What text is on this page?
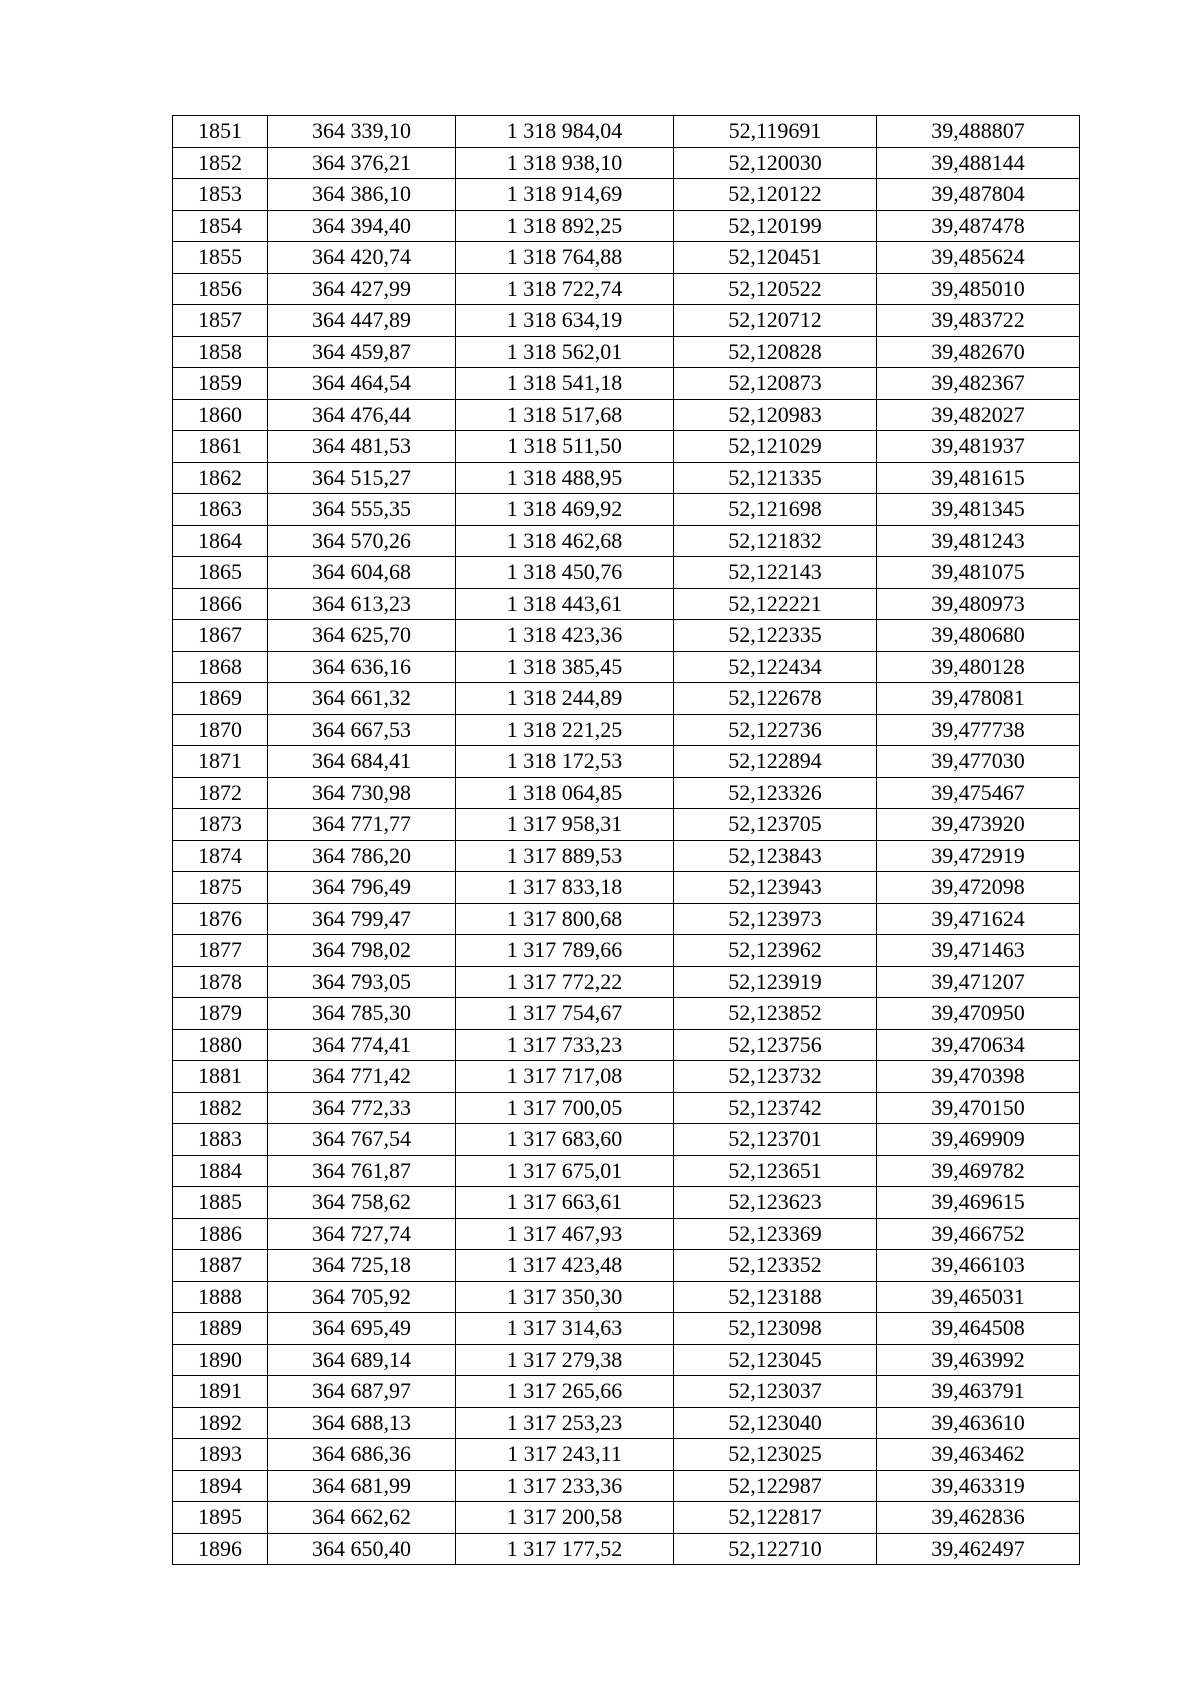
1851	364 339,10	1 318 984,04	52,119691	39,488807
1852	364 376,21	1 318 938,10	52,120030	39,488144
1853	364 386,10	1 318 914,69	52,120122	39,487804
1854	364 394,40	1 318 892,25	52,120199	39,487478
1855	364 420,74	1 318 764,88	52,120451	39,485624
1856	364 427,99	1 318 722,74	52,120522	39,485010
1857	364 447,89	1 318 634,19	52,120712	39,483722
1858	364 459,87	1 318 562,01	52,120828	39,482670
1859	364 464,54	1 318 541,18	52,120873	39,482367
1860	364 476,44	1 318 517,68	52,120983	39,482027
1861	364 481,53	1 318 511,50	52,121029	39,481937
1862	364 515,27	1 318 488,95	52,121335	39,481615
1863	364 555,35	1 318 469,92	52,121698	39,481345
1864	364 570,26	1 318 462,68	52,121832	39,481243
1865	364 604,68	1 318 450,76	52,122143	39,481075
1866	364 613,23	1 318 443,61	52,122221	39,480973
1867	364 625,70	1 318 423,36	52,122335	39,480680
1868	364 636,16	1 318 385,45	52,122434	39,480128
1869	364 661,32	1 318 244,89	52,122678	39,478081
1870	364 667,53	1 318 221,25	52,122736	39,477738
1871	364 684,41	1 318 172,53	52,122894	39,477030
1872	364 730,98	1 318 064,85	52,123326	39,475467
1873	364 771,77	1 317 958,31	52,123705	39,473920
1874	364 786,20	1 317 889,53	52,123843	39,472919
1875	364 796,49	1 317 833,18	52,123943	39,472098
1876	364 799,47	1 317 800,68	52,123973	39,471624
1877	364 798,02	1 317 789,66	52,123962	39,471463
1878	364 793,05	1 317 772,22	52,123919	39,471207
1879	364 785,30	1 317 754,67	52,123852	39,470950
1880	364 774,41	1 317 733,23	52,123756	39,470634
1881	364 771,42	1 317 717,08	52,123732	39,470398
1882	364 772,33	1 317 700,05	52,123742	39,470150
1883	364 767,54	1 317 683,60	52,123701	39,469909
1884	364 761,87	1 317 675,01	52,123651	39,469782
1885	364 758,62	1 317 663,61	52,123623	39,469615
1886	364 727,74	1 317 467,93	52,123369	39,466752
1887	364 725,18	1 317 423,48	52,123352	39,466103
1888	364 705,92	1 317 350,30	52,123188	39,465031
1889	364 695,49	1 317 314,63	52,123098	39,464508
1890	364 689,14	1 317 279,38	52,123045	39,463992
1891	364 687,97	1 317 265,66	52,123037	39,463791
1892	364 688,13	1 317 253,23	52,123040	39,463610
1893	364 686,36	1 317 243,11	52,123025	39,463462
1894	364 681,99	1 317 233,36	52,122987	39,463319
1895	364 662,62	1 317 200,58	52,122817	39,462836
1896	364 650,40	1 317 177,52	52,122710	39,462497
